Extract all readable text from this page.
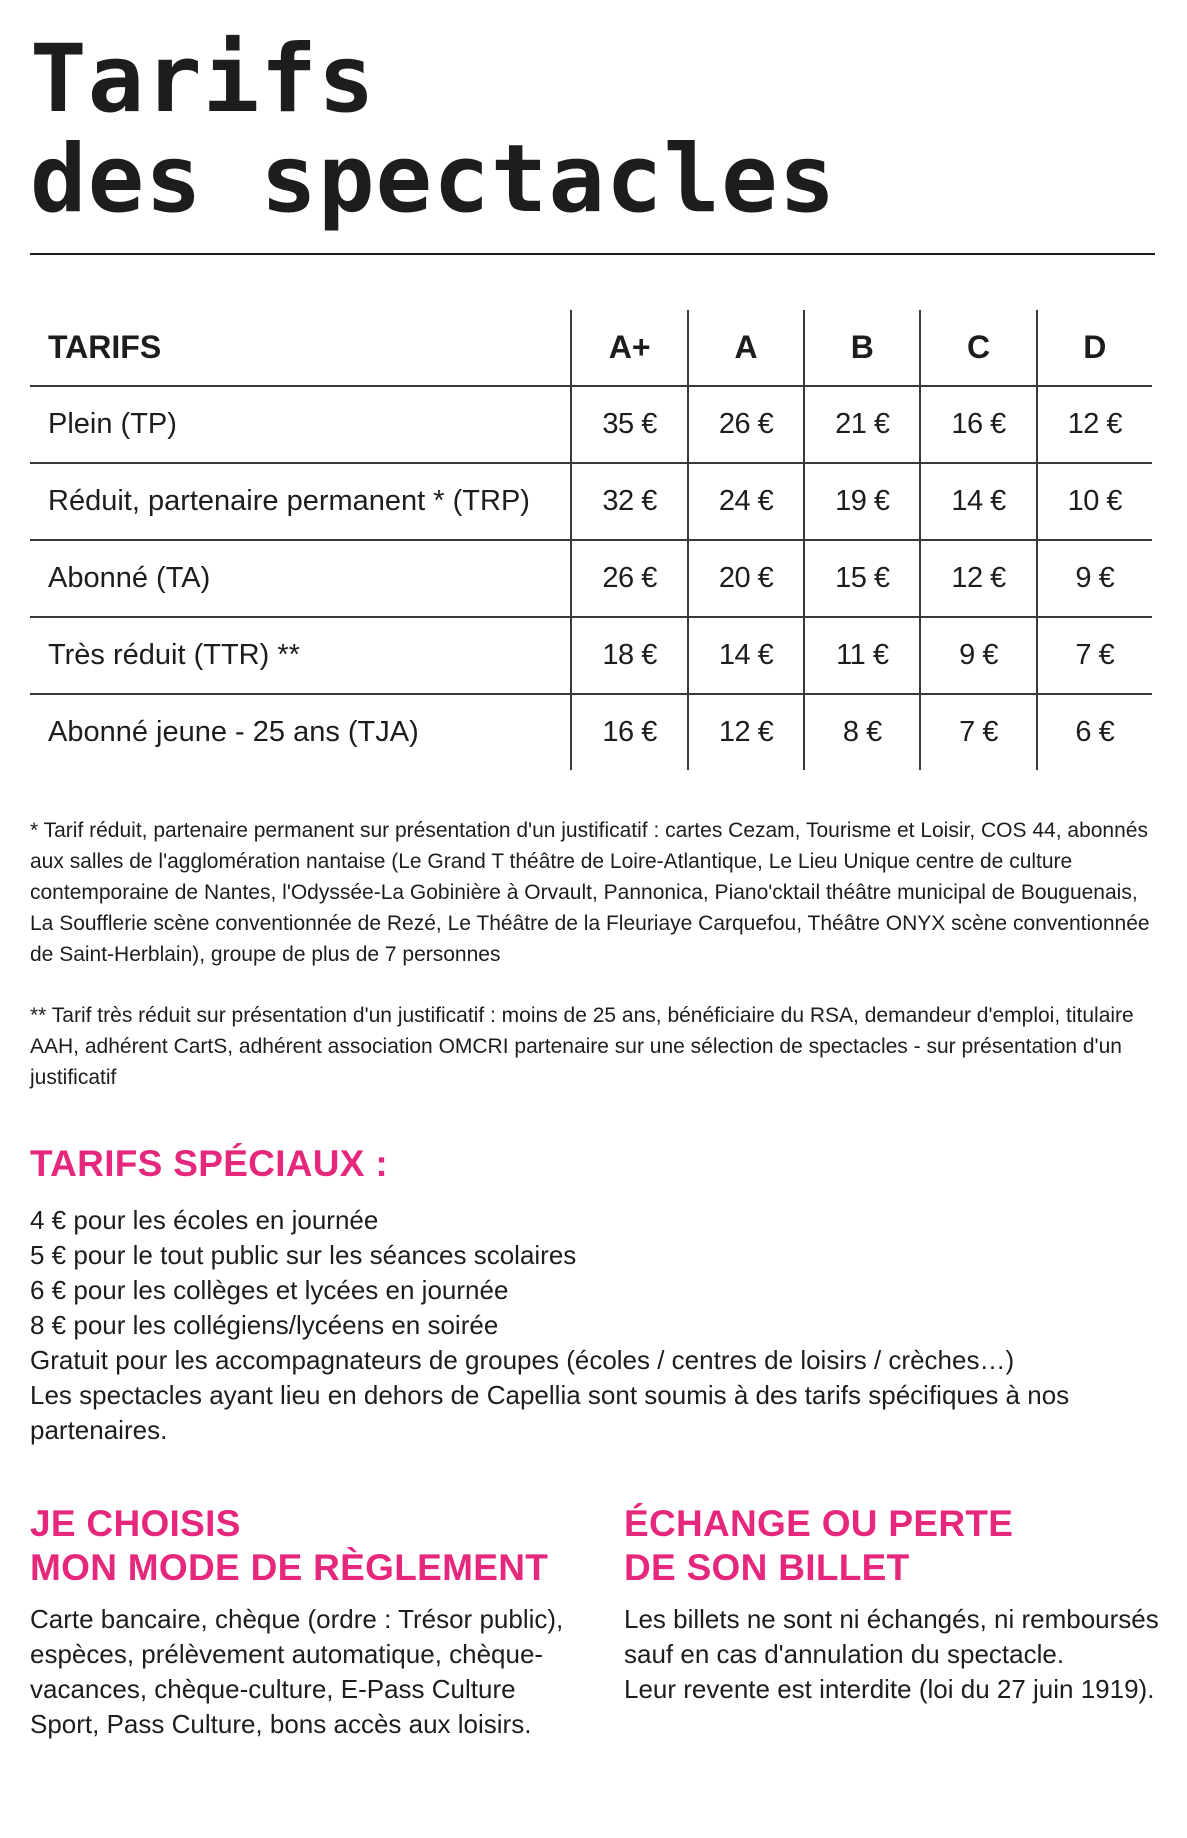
Tarifs
des spectacles
TARIFS	A+	A	B	C	D
Plein (TP)	35 €	26 €	21 €	16 €	12 €
Réduit, partenaire permanent * (TRP)	32 €	24 €	19 €	14 €	10 €
Abonné (TA)	26 €	20 €	15 €	12 €	9 €
Très réduit (TTR) **	18 €	14 €	11 €	9 €	7 €
Abonné jeune - 25 ans (TJA)	16 €	12 €	8 €	7 €	6 €

* Tarif réduit, partenaire permanent sur présentation d'un justificatif : cartes Cezam, Tourisme et Loisir, COS 44, abonnés aux salles de l'agglomération nantaise (Le Grand T théâtre de Loire-Atlantique, Le Lieu Unique centre de culture contemporaine de Nantes, l'Odyssée-La Gobinière à Orvault, Pannonica, Piano'cktail théâtre municipal de Bouguenais, La Soufflerie scène conventionnée de Rezé, Le Théâtre de la Fleuriaye Carquefou, Théâtre ONYX scène conventionnée de Saint-Herblain), groupe de plus de 7 personnes

** Tarif très réduit sur présentation d'un justificatif : moins de 25 ans, bénéficiaire du RSA, demandeur d'emploi, titulaire AAH, adhérent CartS, adhérent association OMCRI partenaire sur une sélection de spectacles - sur présentation d'un justificatif

TARIFS SPÉCIAUX :
4 € pour les écoles en journée
5 € pour le tout public sur les séances scolaires
6 € pour les collèges et lycées en journée
8 € pour les collégiens/lycéens en soirée
Gratuit pour les accompagnateurs de groupes (écoles / centres de loisirs / crèches…)
Les spectacles ayant lieu en dehors de Capellia sont soumis à des tarifs spécifiques à nos partenaires.
JE CHOISIS
MON MODE DE RÈGLEMENT

Carte bancaire, chèque (ordre : Trésor public), espèces, prélèvement automatique, chèque-vacances, chèque-culture, E-Pass Culture Sport, Pass Culture, bons accès aux loisirs.

ÉCHANGE OU PERTE
DE SON BILLET
Les billets ne sont ni échangés, ni remboursés sauf en cas d'annulation du spectacle.
Leur revente est interdite (loi du 27 juin 1919).
